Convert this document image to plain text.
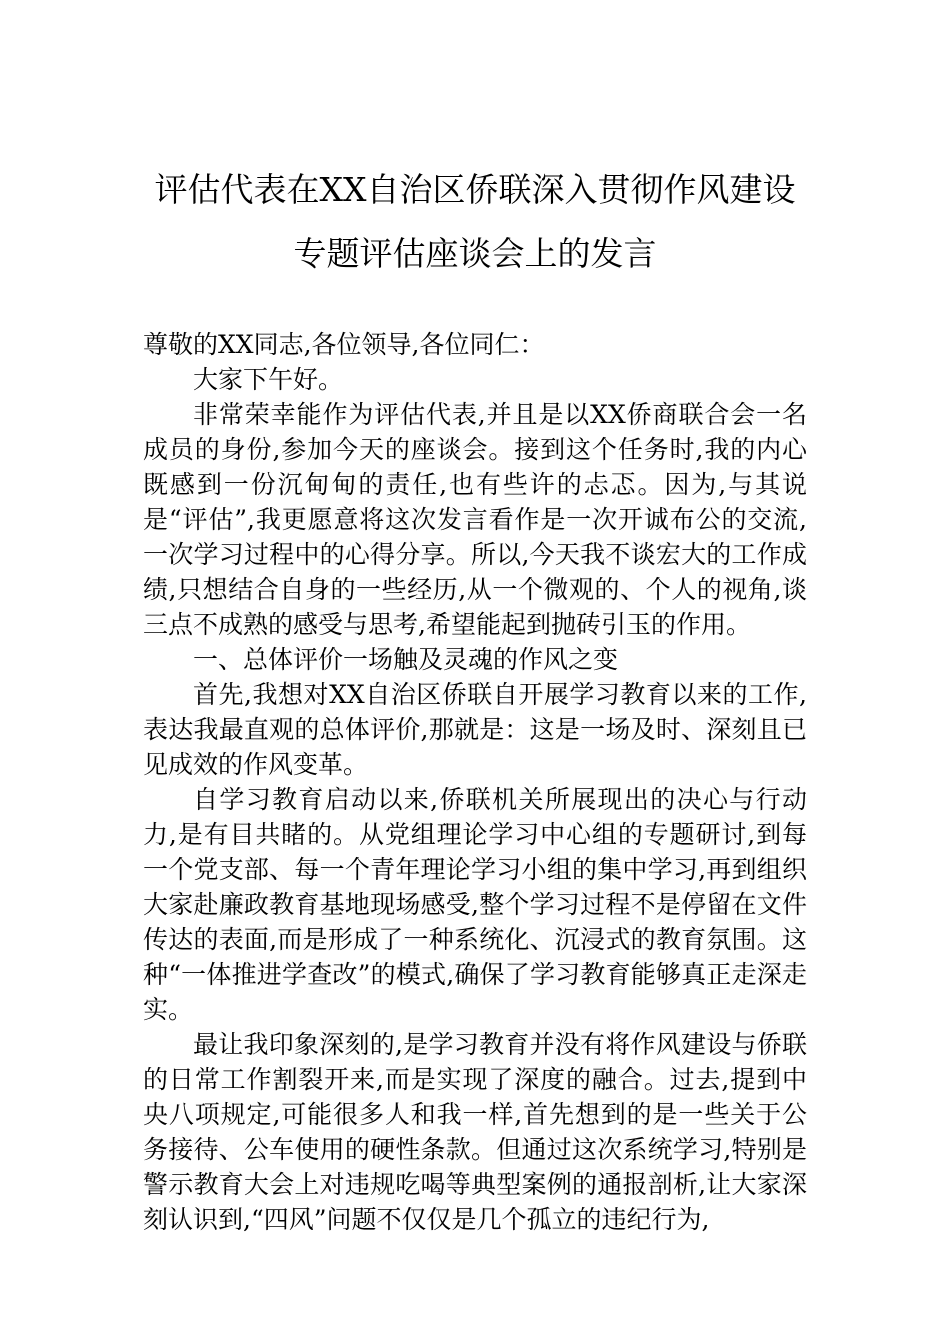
评估代表在XX自治区侨联深入贯彻作风建设专题评估座谈会上的发言

尊敬的XX同志,各位领导,各位同仁：

大家下午好。

非常荣幸能作为评估代表,并且是以XX侨商联合会一名成员的身份,参加今天的座谈会。接到这个任务时,我的内心既感到一份沉甸甸的责任,也有些许的忐忑。因为,与其说是“评估”,我更愿意将这次发言看作是一次开诚布公的交流,一次学习过程中的心得分享。所以,今天我不谈宏大的工作成绩,只想结合自身的一些经历,从一个微观的、个人的视角,谈三点不成熟的感受与思考,希望能起到抛砖引玉的作用。

一、总体评价一场触及灵魂的作风之变

首先,我想对XX自治区侨联自开展学习教育以来的工作,表达我最直观的总体评价,那就是：这是一场及时、深刻且已见成效的作风变革。

自学习教育启动以来,侨联机关所展现出的决心与行动力,是有目共睹的。从党组理论学习中心组的专题研讨,到每一个党支部、每一个青年理论学习小组的集中学习,再到组织大家赴廉政教育基地现场感受,整个学习过程不是停留在文件传达的表面,而是形成了一种系统化、沉浸式的教育氛围。这种“一体推进学查改”的模式,确保了学习教育能够真正走深走实。

最让我印象深刻的,是学习教育并没有将作风建设与侨联的日常工作割裂开来,而是实现了深度的融合。过去,提到中央八项规定,可能很多人和我一样,首先想到的是一些关于公务接待、公车使用的硬性条款。但通过这次系统学习,特别是警示教育大会上对违规吃喝等典型案例的通报剖析,让大家深刻认识到,“四风”问题不仅仅是几个孤立的违纪行为,
